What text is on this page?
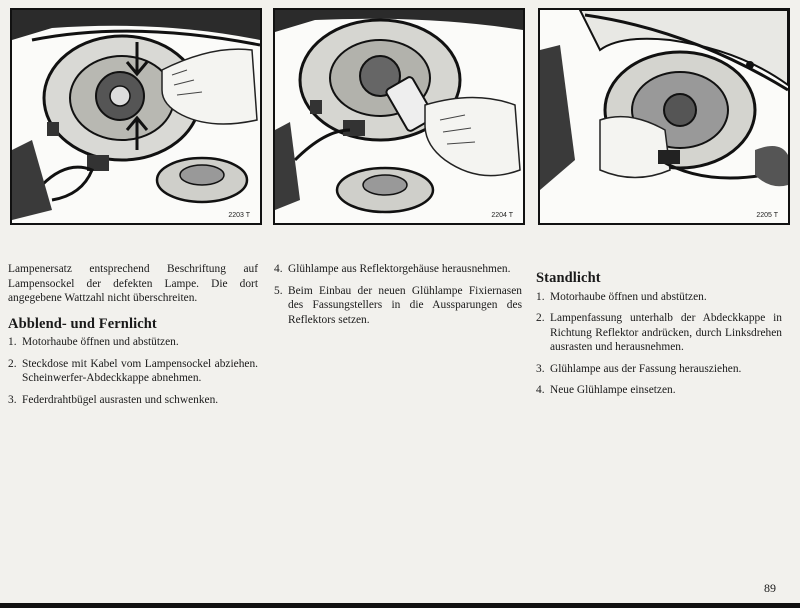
2203 T	2204 T	2205 T

Lampenersatz entsprechend Beschriftung auf Lampensockel der defekten Lampe. Die dort angegebene Wattzahl nicht überschreiten.

Abblend- und Fernlicht
1. Motorhaube öffnen und abstützen.
2. Steckdose mit Kabel vom Lampensockel abziehen. Scheinwerfer-Abdeckkappe abnehmen.
3. Federdrahtbügel ausrasten und schwenken.
4. Glühlampe aus Reflektorgehäuse herausnehmen.
5. Beim Einbau der neuen Glühlampe Fixiernasen des Fassungstellers in die Aussparungen des Reflektors setzen.
Standlicht
1. Motorhaube öffnen und abstützen.
2. Lampenfassung unterhalb der Abdeckkappe in Richtung Reflektor andrücken, durch Linksdrehen ausrasten und herausnehmen.
3. Glühlampe aus der Fassung herausziehen.
4. Neue Glühlampe einsetzen.
89
